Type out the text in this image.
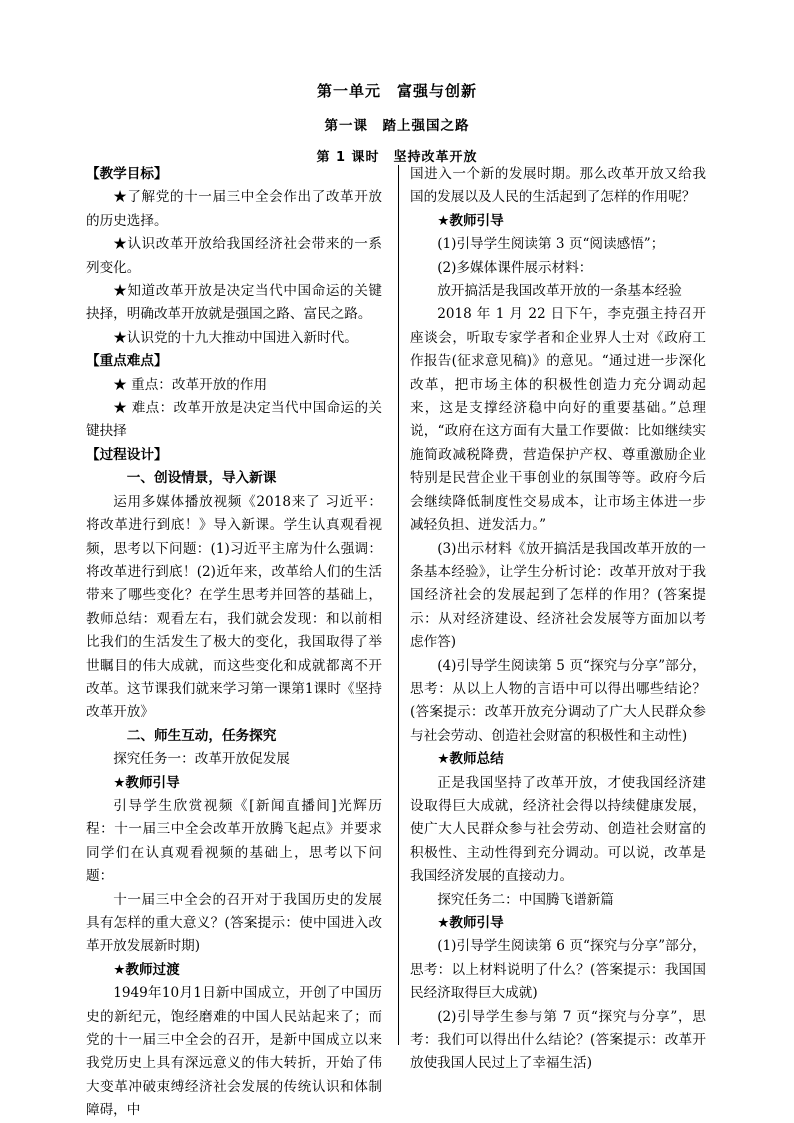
第一单元　富强与创新
第一课　踏上强国之路
第 1 课时　坚持改革开放

【教学目标】

★了解党的十一届三中全会作出了改革开放的历史选择。

★认识改革开放给我国经济社会带来的一系列变化。

★知道改革开放是决定当代中国命运的关键抉择，明确改革开放就是强国之路、富民之路。

★认识党的十九大推动中国进入新时代。

【重点难点】

★ 重点：改革开放的作用

★ 难点：改革开放是决定当代中国命运的关键抉择

【过程设计】

一、创设情景，导入新课

运用多媒体播放视频《2018来了 习近平：将改革进行到底！》导入新课。学生认真观看视频，思考以下问题：(1)习近平主席为什么强调：将改革进行到底！(2)近年来，改革给人们的生活带来了哪些变化？在学生思考并回答的基础上，教师总结：观看左右，我们就会发现：和以前相比我们的生活发生了极大的变化，我国取得了举世瞩目的伟大成就，而这些变化和成就都离不开改革。这节课我们就来学习第一课第1课时《坚持改革开放》

二、师生互动，任务探究

探究任务一：改革开放促发展

★教师引导

引导学生欣赏视频《[新闻直播间]光辉历程：十一届三中全会改革开放腾飞起点》并要求同学们在认真观看视频的基础上，思考以下问题：

十一届三中全会的召开对于我国历史的发展具有怎样的重大意义？(答案提示：使中国进入改革开放发展新时期)

★教师过渡

1949年10月1日新中国成立，开创了中国历史的新纪元，饱经磨难的中国人民站起来了；而党的十一届三中全会的召开，是新中国成立以来我党历史上具有深远意义的伟大转折，开始了伟大变革冲破束缚经济社会发展的传统认识和体制障碍，中

国进入一个新的发展时期。那么改革开放又给我国的发展以及人民的生活起到了怎样的作用呢？

★教师引导

(1)引导学生阅读第 3 页“阅读感悟”；

(2)多媒体课件展示材料：

放开搞活是我国改革开放的一条基本经验

2018 年 1 月 22 日下午，李克强主持召开座谈会，听取专家学者和企业界人士对《政府工作报告(征求意见稿)》的意见。“通过进一步深化改革，把市场主体的积极性创造力充分调动起来，这是支撑经济稳中向好的重要基础。”总理说，“政府在这方面有大量工作要做：比如继续实施简政减税降费，营造保护产权、尊重激励企业特别是民营企业干事创业的氛围等等。政府今后会继续降低制度性交易成本，让市场主体进一步减轻负担、迸发活力。”

(3)出示材料《放开搞活是我国改革开放的一条基本经验》，让学生分析讨论：改革开放对于我国经济社会的发展起到了怎样的作用？(答案提示：从对经济建设、经济社会发展等方面加以考虑作答)

(4)引导学生阅读第 5 页“探究与分享”部分，思考：从以上人物的言语中可以得出哪些结论？(答案提示：改革开放充分调动了广大人民群众参与社会劳动、创造社会财富的积极性和主动性)

★教师总结

正是我国坚持了改革开放，才使我国经济建设取得巨大成就，经济社会得以持续健康发展，使广大人民群众参与社会劳动、创造社会财富的积极性、主动性得到充分调动。可以说，改革是我国经济发展的直接动力。

探究任务二：中国腾飞谱新篇

★教师引导

(1)引导学生阅读第 6 页“探究与分享”部分，思考：以上材料说明了什么？(答案提示：我国国民经济取得巨大成就)

(2)引导学生参与第 7 页“探究与分享”，思考：我们可以得出什么结论？(答案提示：改革开放使我国人民过上了幸福生活)
